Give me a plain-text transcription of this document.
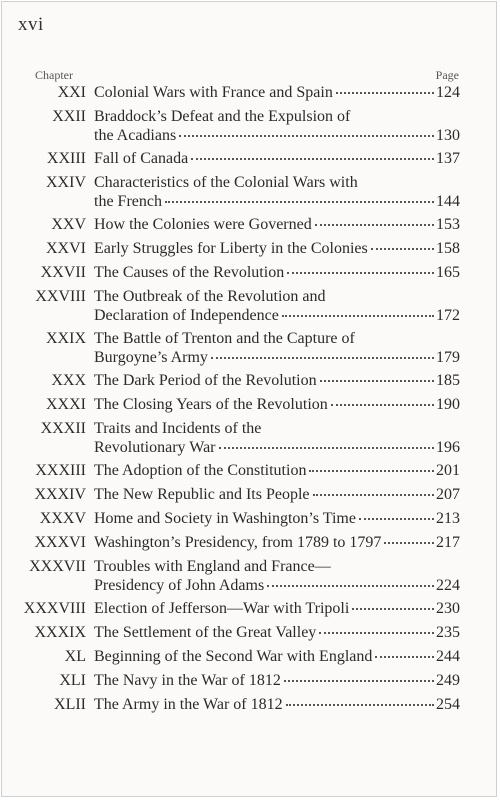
xvi
Chapter	Page
XXI Colonial Wars with France and Spain	124
XXII Braddock’s Defeat and the Expulsion of
the Acadians	130
XXIII Fall of Canada	137
XXIV Characteristics of the Colonial Wars with
the French	144
XXV How the Colonies were Governed	153
XXVI Early Struggles for Liberty in the Colonies	158
XXVII The Causes of the Revolution	165
XXVIII The Outbreak of the Revolution and
Declaration of Independence	172
XXIX The Battle of Trenton and the Capture of
Burgoyne’s Army	179
XXX The Dark Period of the Revolution	185
XXXI The Closing Years of the Revolution	190
XXXII Traits and Incidents of the
Revolutionary War	196
XXXIII The Adoption of the Constitution	201
XXXIV The New Republic and Its People	207
XXXV Home and Society in Washington’s Time	213
XXXVI Washington’s Presidency, from 1789 to 1797	217
XXXVII Troubles with England and France—
Presidency of John Adams	224
XXXVIII Election of Jefferson—War with Tripoli	230
XXXIX The Settlement of the Great Valley	235
XL Beginning of the Second War with England	244
XLI The Navy in the War of 1812	249
XLII The Army in the War of 1812	254
